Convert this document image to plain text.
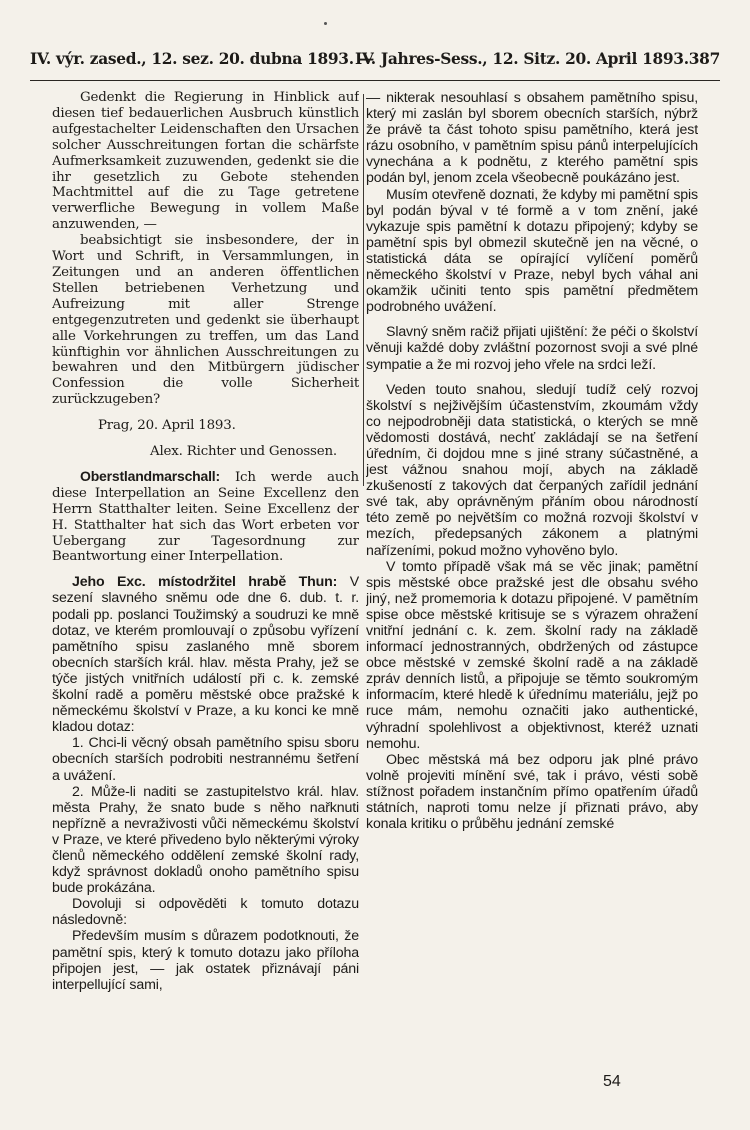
IV. výr. zased., 12. sez. 20. dubna 1893. —
IV. Jahres-Sess., 12. Sitz. 20. April 1893.387

Gedenkt die Regierung in Hinblick auf diesen tief bedauerlichen Ausbruch künstlich aufgestachelter Leidenschaften den Ursachen solcher Ausschreitungen fortan die schärfste Aufmerksamkeit zuzuwenden, gedenkt sie die ihr gesetzlich zu Gebote stehenden Machtmittel auf die zu Tage getretene verwerfliche Bewegung in vollem Maße anzuwenden, —

beabsichtigt sie insbesondere, der in Wort und Schrift, in Versammlungen, in Zeitungen und an anderen öffentlichen Stellen betriebenen Verhetzung und Aufreizung mit aller Strenge entgegenzutreten und gedenkt sie überhaupt alle Vorkehrungen zu treffen, um das Land künftighin vor ähnlichen Ausschreitungen zu bewahren und den Mitbürgern jüdischer Confession die volle Sicherheit zurückzugeben?

Prag, 20. April 1893.

Alex. Richter und Genossen.

Oberstlandmarschall: Ich werde auch diese Interpellation an Seine Excellenz den Herrn Statthalter leiten. Seine Excellenz der H. Statthalter hat sich das Wort erbeten vor Uebergang zur Tagesordnung zur Beantwortung einer Interpellation.

Jeho Exc. místodržitel hrabě Thun: V sezení slavného sněmu ode dne 6. dub. t. r. podali pp. poslanci Toužimský a soudruzi ke mně dotaz, ve kterém promlouvají o způsobu vyřízení pamětního spisu zaslaného mně sborem obecních starších král. hlav. města Prahy, jež se týče jistých vnitřních událostí při c. k. zemské školní radě a poměru městské obce pražské k německému školství v Praze, a ku konci ke mně kladou dotaz:

1. Chci-li věcný obsah pamětního spisu sboru obecních starších podrobiti nestrannému šetření a uvážení.

2. Může-li naditi se zastupitelstvo král. hlav. města Prahy, že snato bude s něho nařknuti nepřízně a nevraživosti vůči německému školství v Praze, ve které přivedeno bylo některými výroky členů německého oddělení zemské školní rady, když správnost dokladů onoho pamětního spisu bude prokázána.

Dovoluji si odpověděti k tomuto dotazu následovně:

Především musím s důrazem podotknouti, že pamětní spis, který k tomuto dotazu jako příloha připojen jest, — jak ostatek přiznávají páni interpellující sami,

— nikterak nesouhlasí s obsahem pamětního spisu, který mi zaslán byl sborem obecních starších, nýbrž že právě ta část tohoto spisu pamětního, která jest rázu osobního, v pamětním spisu pánů interpelujících vynechána a k podnětu, z kterého pamětní spis podán byl, jenom zcela všeobecně poukázáno jest.

Musím otevřeně doznati, že kdyby mi pamětní spis byl podán býval v té formě a v tom znění, jaké vykazuje spis pamětní k dotazu připojený; kdyby se pamětní spis byl obmezil skutečně jen na věcné, o statistická dáta se opírající vylíčení poměrů německého školství v Praze, nebyl bych váhal ani okamžik učiniti tento spis pamětní předmětem podrobného uvážení.

Slavný sněm račiž přijati ujištění: že péči o školství věnuji každé doby zvláštní pozornost svoji a své plné sympatie a že mi rozvoj jeho vřele na srdci leží.

Veden touto snahou, sledují tudíž celý rozvoj školství s nejživějším účastenstvím, zkoumám vždy co nejpodrobněji data statistická, o kterých se mně vědomosti dostává, nechť zakládají se na šetření úředním, či dojdou mne s jiné strany súčastněné, a jest vážnou snahou mojí, abych na základě zkušeností z takových dat čerpaných zařídil jednání své tak, aby oprávněným přáním obou národností této země po největším co možná rozvoji školství v mezích, předepsaných zákonem a platnými nařízeními, pokud možno vyhověno bylo.

V tomto případě však má se věc jinak; pamětní spis městské obce pražské jest dle obsahu svého jiný, než promemoria k dotazu připojené. V pamětním spise obce městské kritisuje se s výrazem ohražení vnitřní jednání c. k. zem. školní rady na základě informací jednostranných, obdržených od zástupce obce městské v zemské školní radě a na základě zpráv denních listů, a připojuje se těmto soukromým informacím, které hledě k úřednímu materiálu, jejž po ruce mám, nemohu označiti jako authentické, výhradní spolehlivost a objektivnost, kteréž uznati nemohu.

Obec městská má bez odporu jak plné právo volně projeviti mínění své, tak i právo, vésti sobě stížnost pořadem instančním přímo opatřením úřadů státních, naproti tomu nelze jí přiznati právo, aby konala kritiku o průběhu jednání zemské

54
